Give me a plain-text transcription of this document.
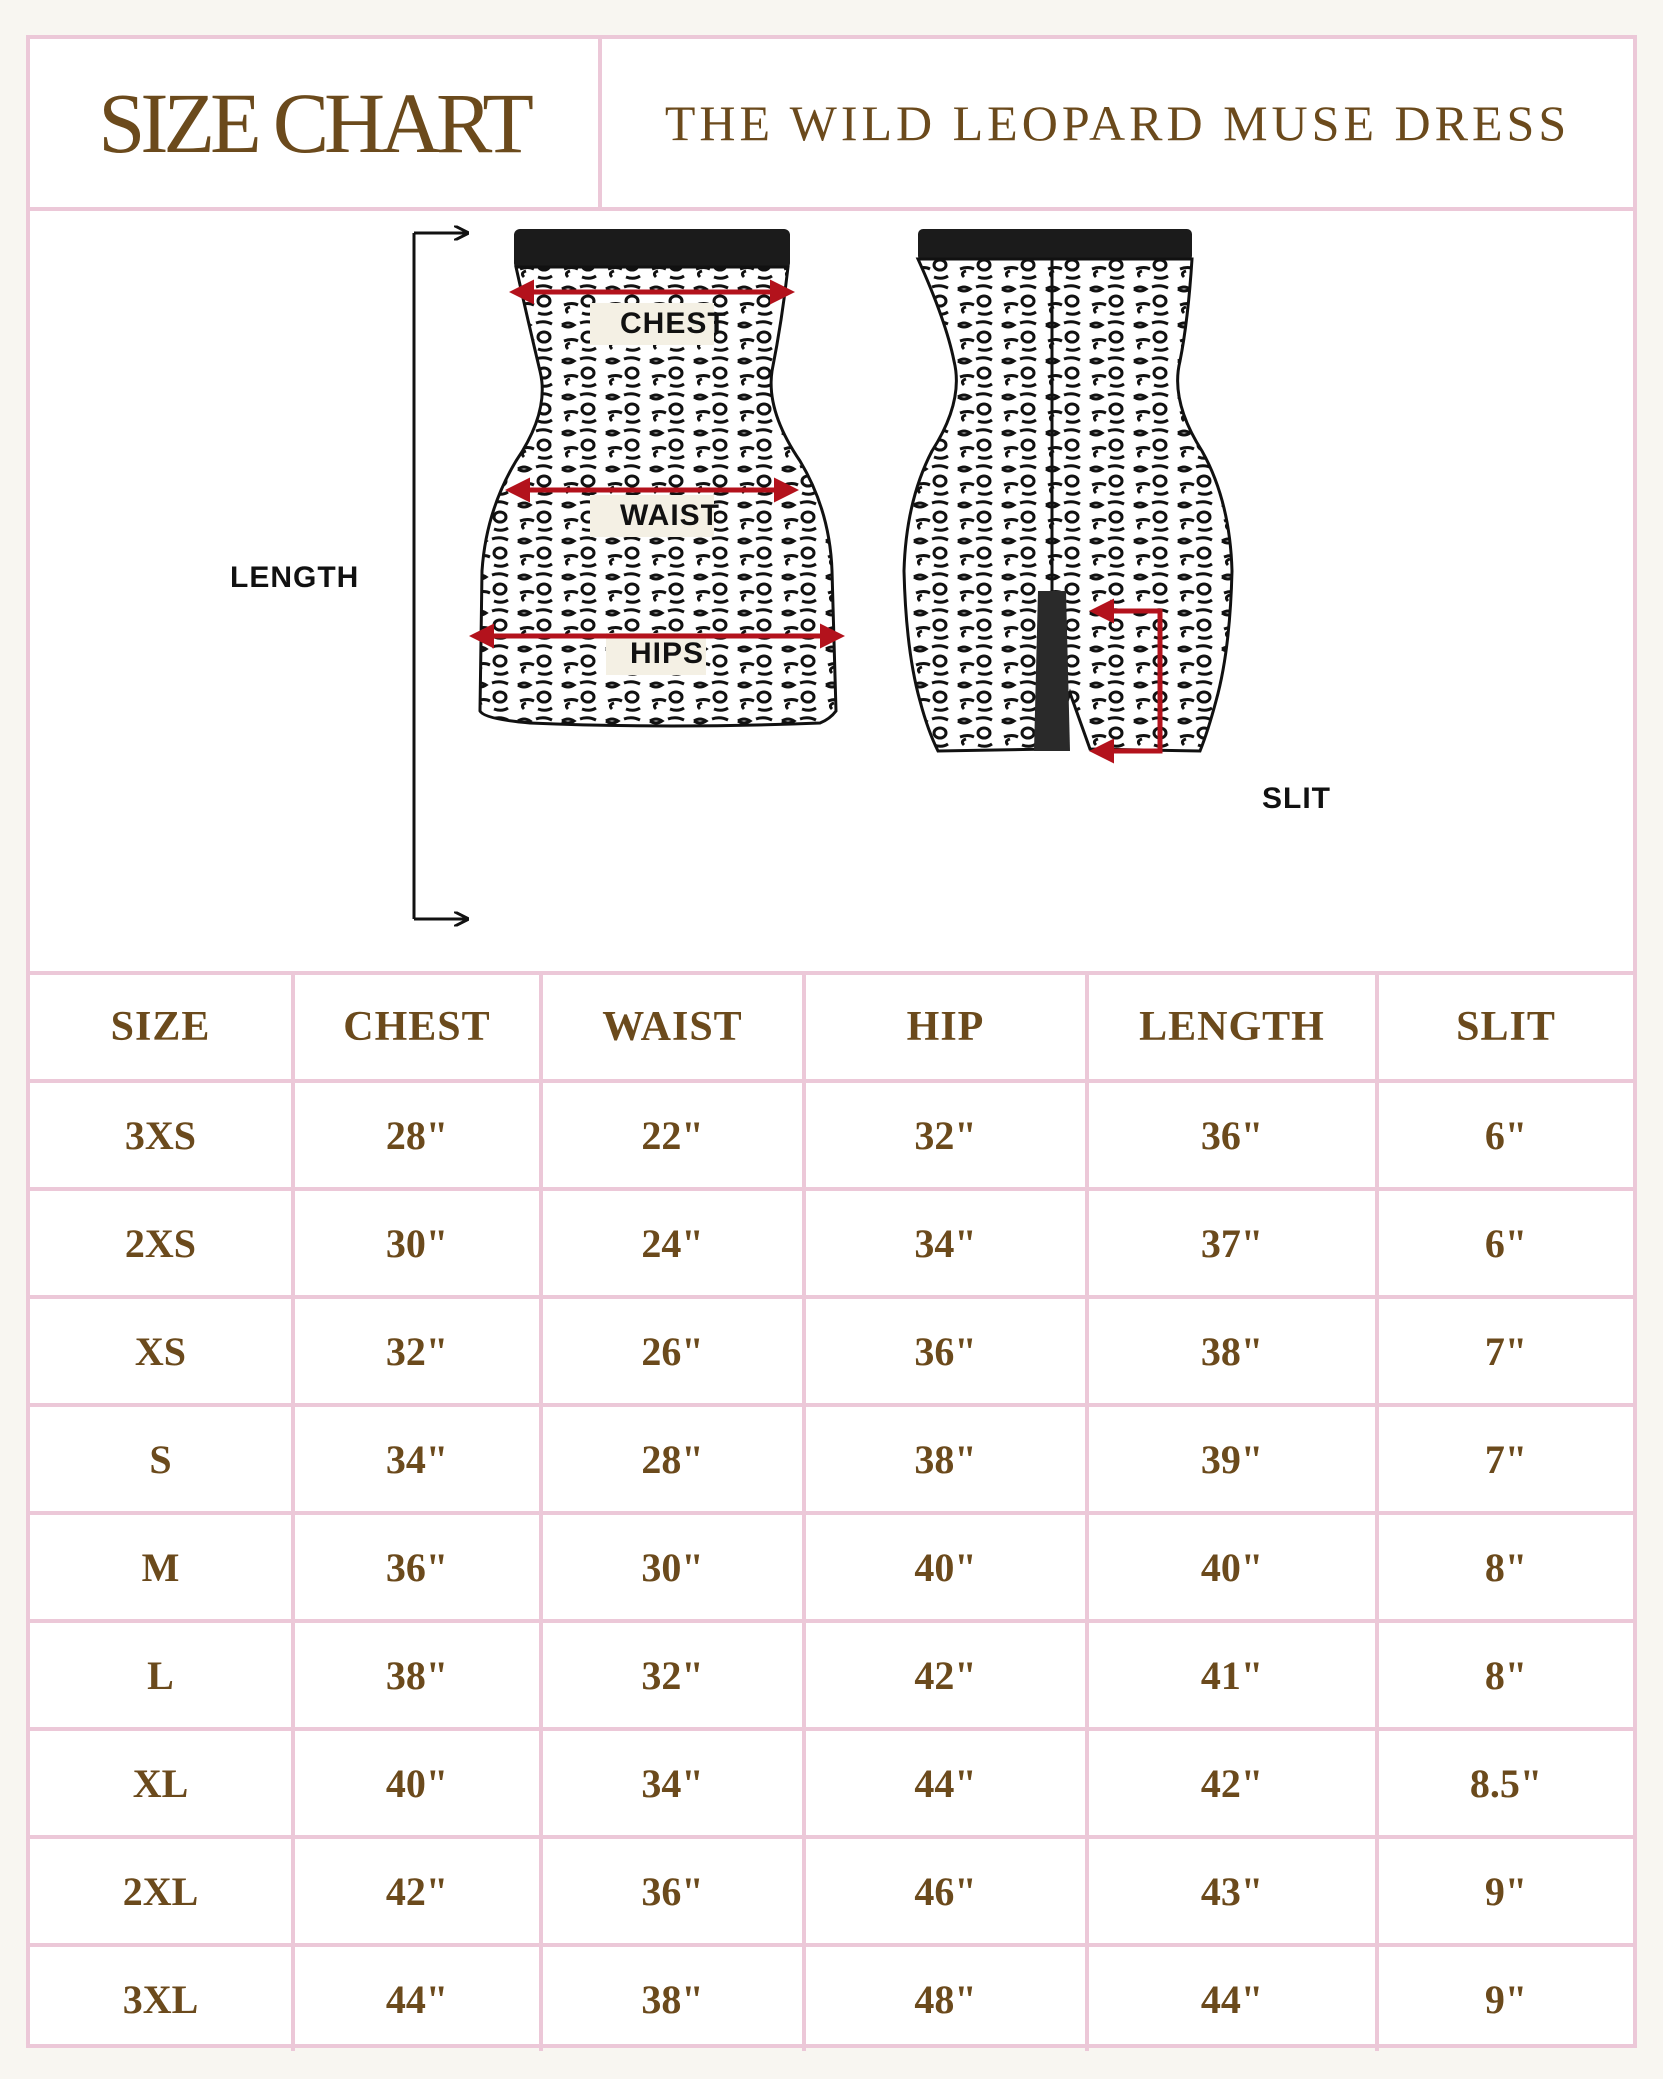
SIZE CHART	THE WILD LEOPARD MUSE DRESS
CHEST
WAIST
HIPS
LENGTH
SLIT
SIZE	CHEST	WAIST	HIP	LENGTH	SLIT
3XS	28"	22"	32"	36"	6"
2XS	30"	24"	34"	37"	6"
XS	32"	26"	36"	38"	7"
S	34"	28"	38"	39"	7"
M	36"	30"	40"	40"	8"
L	38"	32"	42"	41"	8"
XL	40"	34"	44"	42"	8.5"
2XL	42"	36"	46"	43"	9"
3XL	44"	38"	48"	44"	9"
